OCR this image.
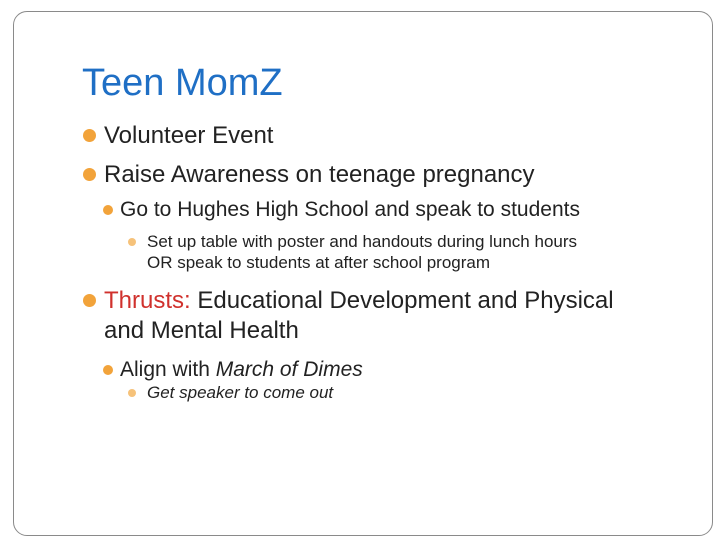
Teen MomZ
Volunteer Event
Raise Awareness on teenage pregnancy
Go to Hughes High School and speak to students
Set up table with poster and handouts during lunch hours
OR speak to students at after school program
Thrusts: Educational Development and Physical
and Mental Health
Align with March of Dimes
Get speaker to come out
